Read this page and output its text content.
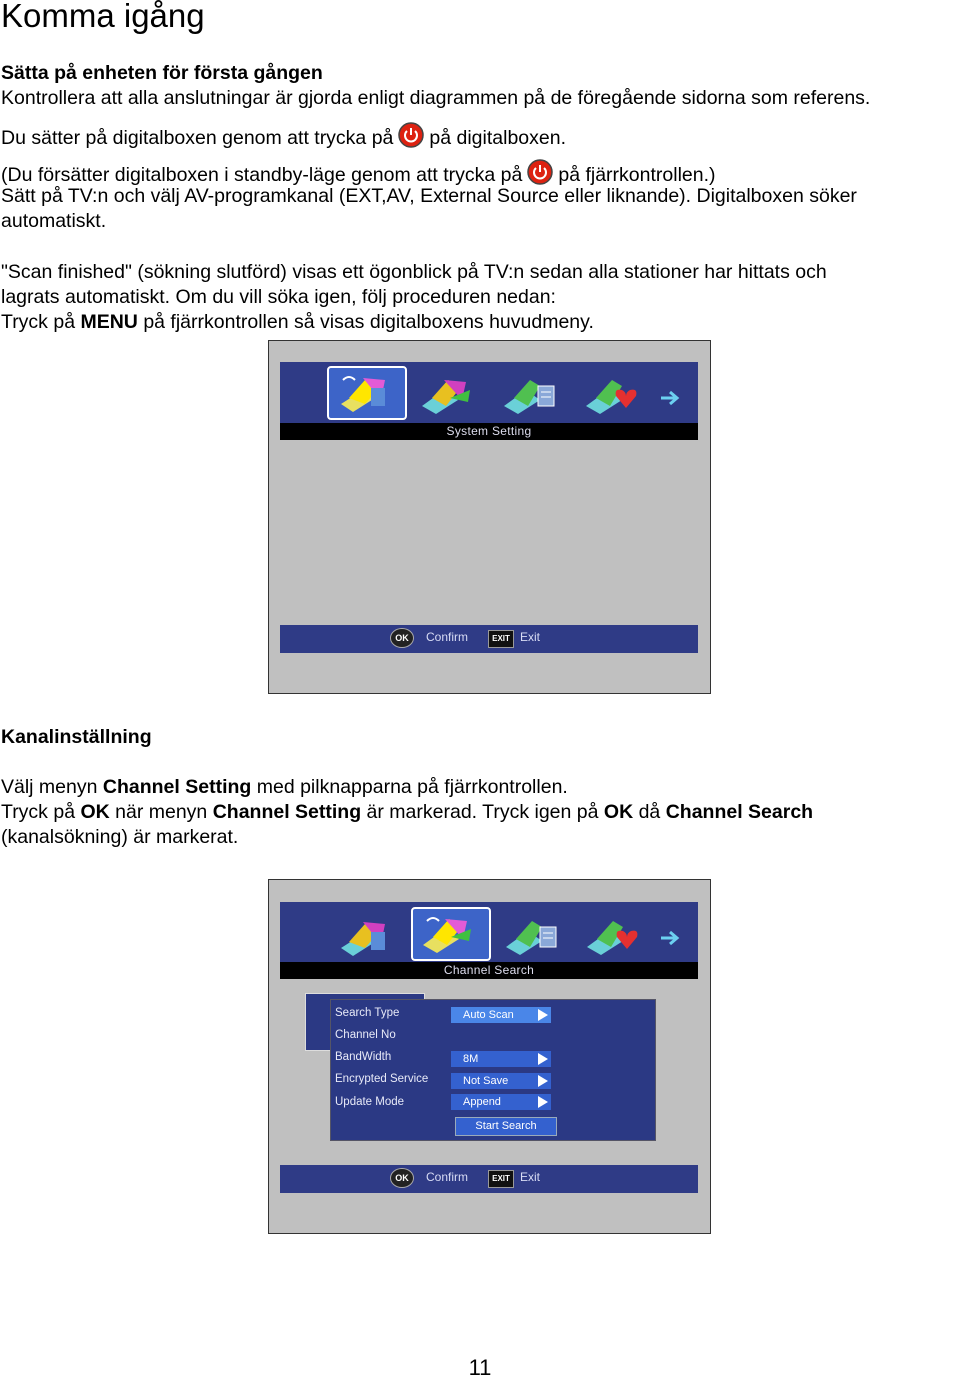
Komma igång
Sätta på enheten för första gången
Kontrollera att alla anslutningar är gjorda enligt diagrammen på de föregående sidorna som referens.
Du sätter på digitalboxen genom att trycka på på digitalboxen.
(Du försätter digitalboxen i standby-läge genom att trycka på på fjärrkontrollen.)
Sätt på TV:n och välj AV-programkanal (EXT,AV, External Source eller liknande). Digitalboxen söker
automatiskt.
"Scan finished" (sökning slutförd) visas ett ögonblick på TV:n sedan alla stationer har hittats och
lagrats automatiskt. Om du vill söka igen, följ proceduren nedan:
Tryck på MENU på fjärrkontrollen så visas digitalboxens huvudmeny.
System Setting
OK	Confirm	EXIT Exit
Kanalinställning
Välj menyn Channel Setting med pilknapparna på fjärrkontrollen.
Tryck på OK när menyn Channel Setting är markerad. Tryck igen på OK då Channel Search
(kanalsökning) är markerat.
Channel Search
Search Type	Auto Scan
Channel No
BandWidth	8M
Encrypted Service	Not Save
Update Mode	Append
Start Search
OK	Confirm	EXIT Exit
11
